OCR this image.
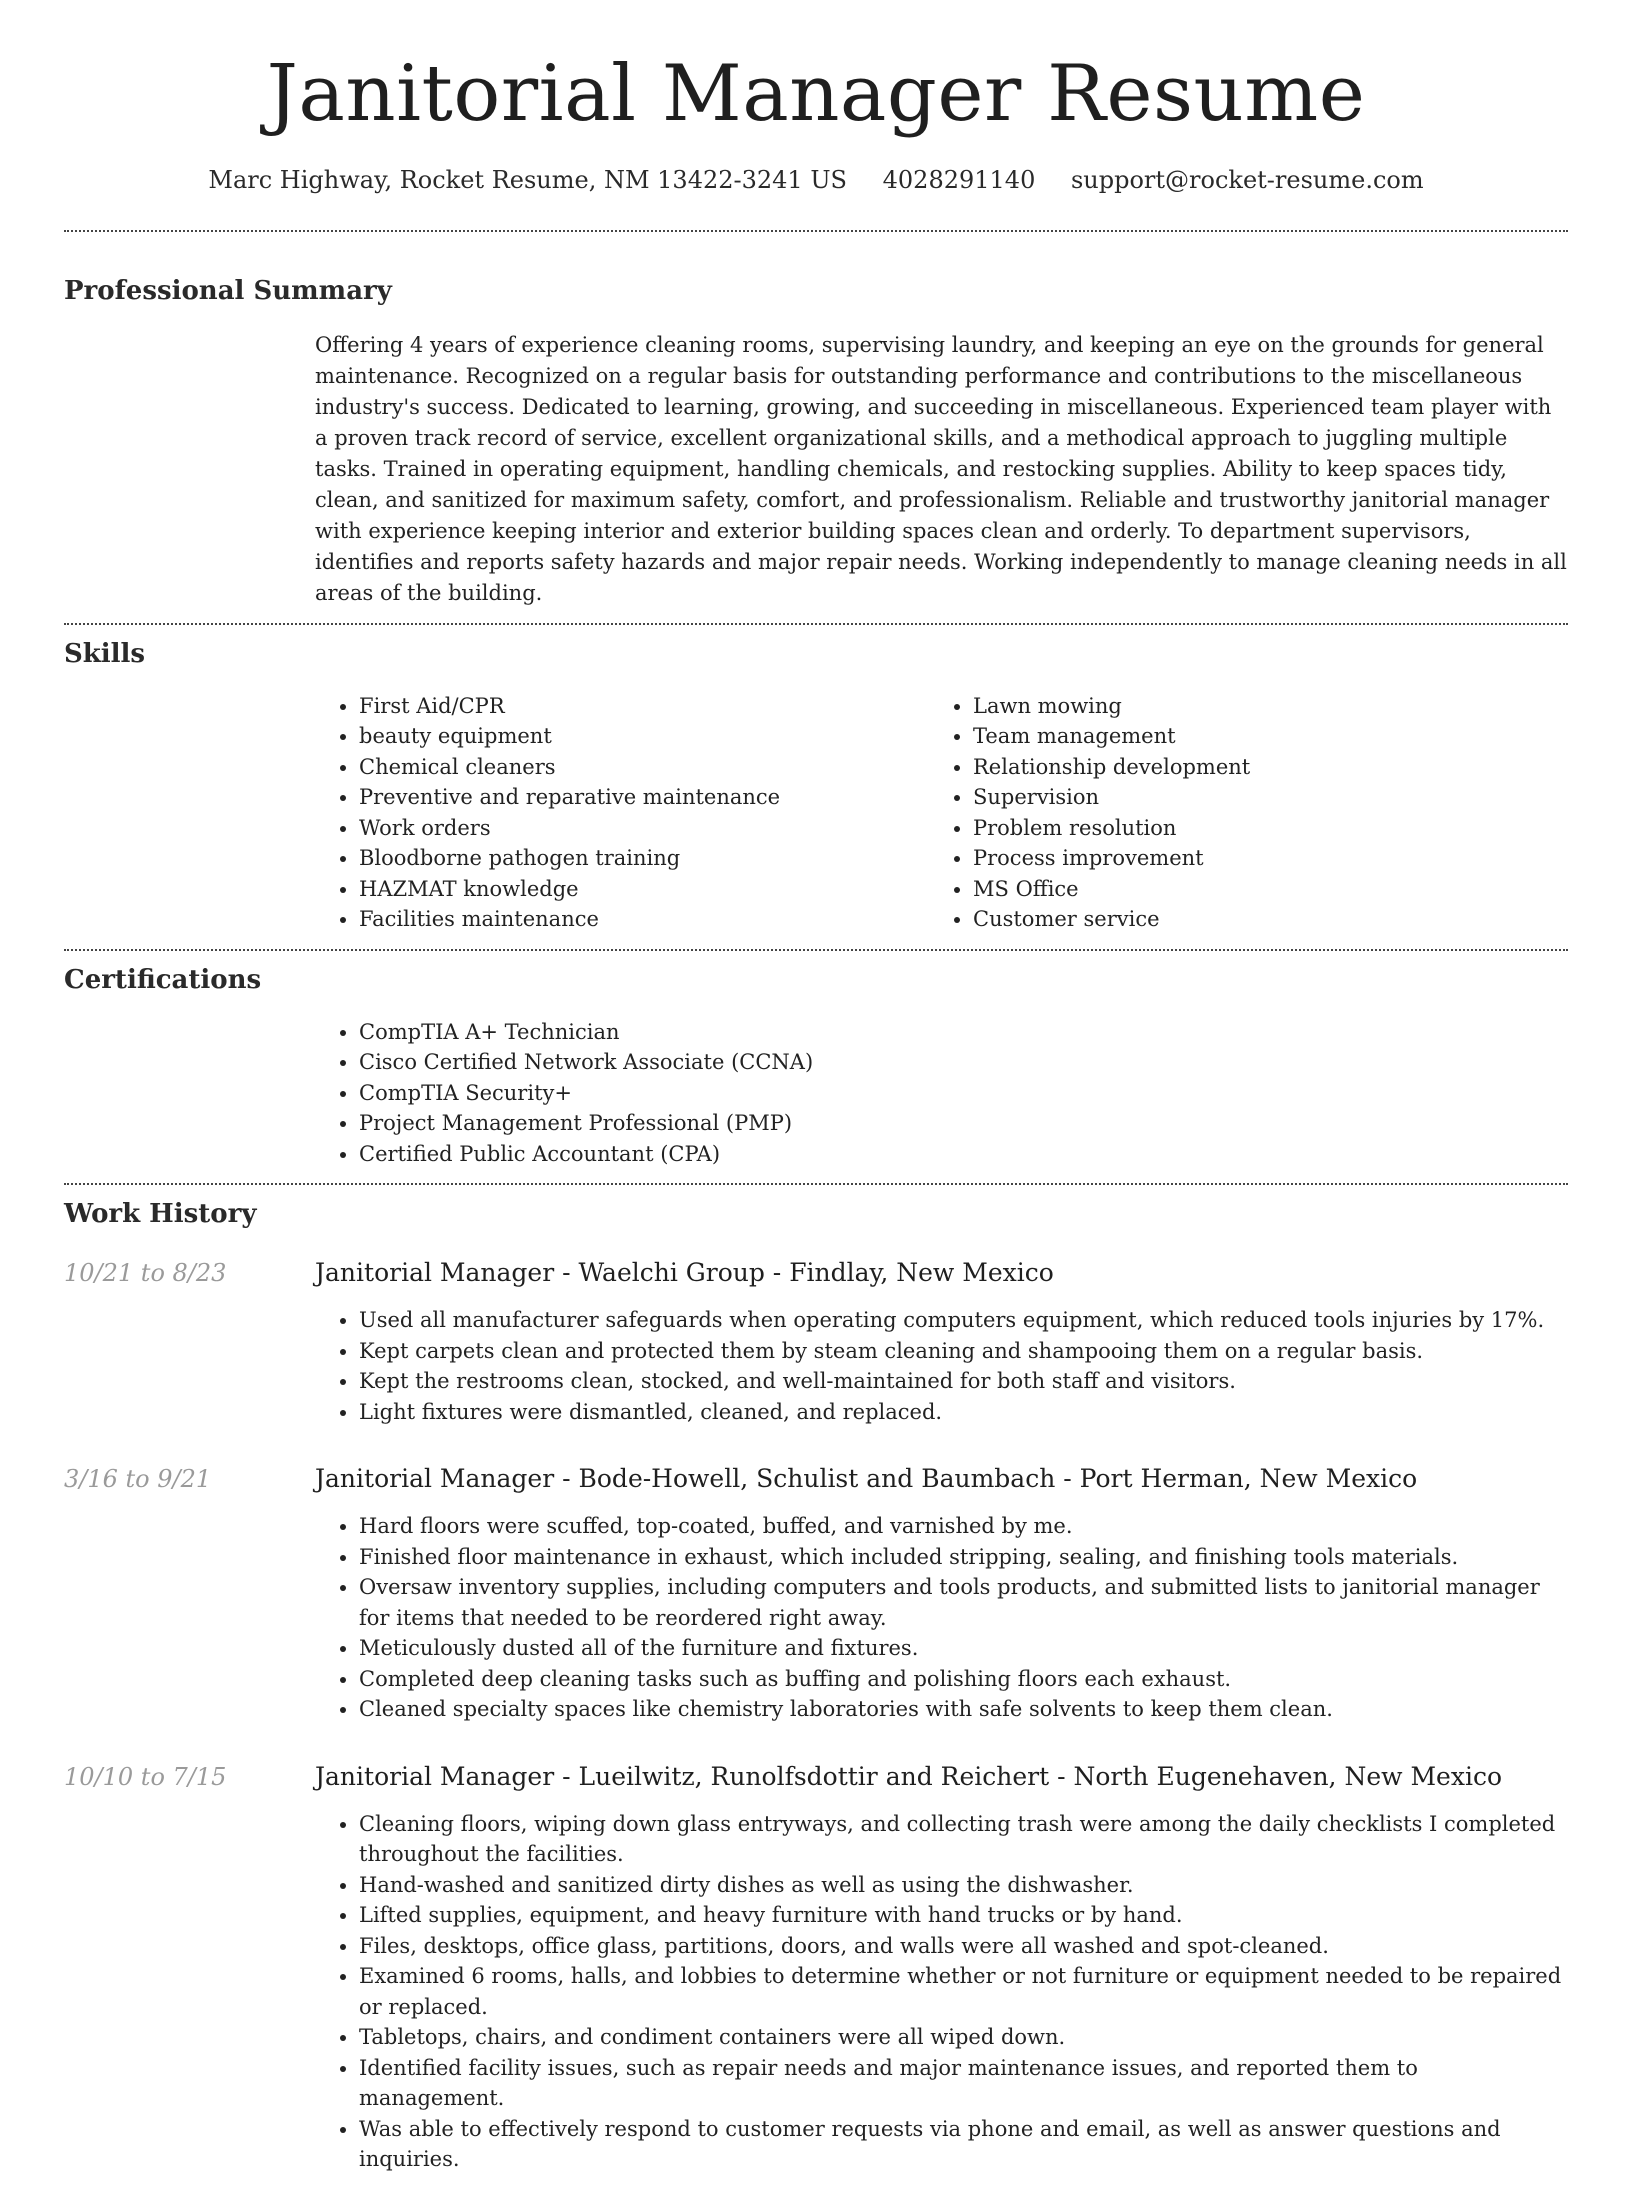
Janitorial Manager Resume
Marc Highway, Rocket Resume, NM 13422-3241 US 4028291140 support@rocket-resume.com
Professional Summary

Offering 4 years of experience cleaning rooms, supervising laundry, and keeping an eye on the grounds for general maintenance. Recognized on a regular basis for outstanding performance and contributions to the miscellaneous industry's success. Dedicated to learning, growing, and succeeding in miscellaneous. Experienced team player with a proven track record of service, excellent organizational skills, and a methodical approach to juggling multiple tasks. Trained in operating equipment, handling chemicals, and restocking supplies. Ability to keep spaces tidy, clean, and sanitized for maximum safety, comfort, and professionalism. Reliable and trustworthy janitorial manager with experience keeping interior and exterior building spaces clean and orderly. To department supervisors, identifies and reports safety hazards and major repair needs. Working independently to manage cleaning needs in all areas of the building.

Skills
• First Aid/CPR
• beauty equipment
• Chemical cleaners
• Preventive and reparative maintenance
• Work orders
• Bloodborne pathogen training
• HAZMAT knowledge
• Facilities maintenance
• Lawn mowing
• Team management
• Relationship development
• Supervision
• Problem resolution
• Process improvement
• MS Office
• Customer service
Certifications
• CompTIA A+ Technician
• Cisco Certified Network Associate (CCNA)
• CompTIA Security+
• Project Management Professional (PMP)
• Certified Public Accountant (CPA)
Work History
10/21 to 8/23	Janitorial Manager - Waelchi Group - Findlay, New Mexico
• Used all manufacturer safeguards when operating computers equipment, which reduced tools injuries by 17%.
• Kept carpets clean and protected them by steam cleaning and shampooing them on a regular basis.
• Kept the restrooms clean, stocked, and well-maintained for both staff and visitors.
• Light fixtures were dismantled, cleaned, and replaced.
3/16 to 9/21	Janitorial Manager - Bode-Howell, Schulist and Baumbach - Port Herman, New Mexico
• Hard floors were scuffed, top-coated, buffed, and varnished by me.
• Finished floor maintenance in exhaust, which included stripping, sealing, and finishing tools materials.
• Oversaw inventory supplies, including computers and tools products, and submitted lists to janitorial manager for items that needed to be reordered right away.
• Meticulously dusted all of the furniture and fixtures.
• Completed deep cleaning tasks such as buffing and polishing floors each exhaust.
• Cleaned specialty spaces like chemistry laboratories with safe solvents to keep them clean.
10/10 to 7/15	Janitorial Manager - Lueilwitz, Runolfsdottir and Reichert - North Eugenehaven, New Mexico
• Cleaning floors, wiping down glass entryways, and collecting trash were among the daily checklists I completed throughout the facilities.
• Hand-washed and sanitized dirty dishes as well as using the dishwasher.
• Lifted supplies, equipment, and heavy furniture with hand trucks or by hand.
• Files, desktops, office glass, partitions, doors, and walls were all washed and spot-cleaned.
• Examined 6 rooms, halls, and lobbies to determine whether or not furniture or equipment needed to be repaired or replaced.
• Tabletops, chairs, and condiment containers were all wiped down.
• Identified facility issues, such as repair needs and major maintenance issues, and reported them to management.
• Was able to effectively respond to customer requests via phone and email, as well as answer questions and inquiries.
